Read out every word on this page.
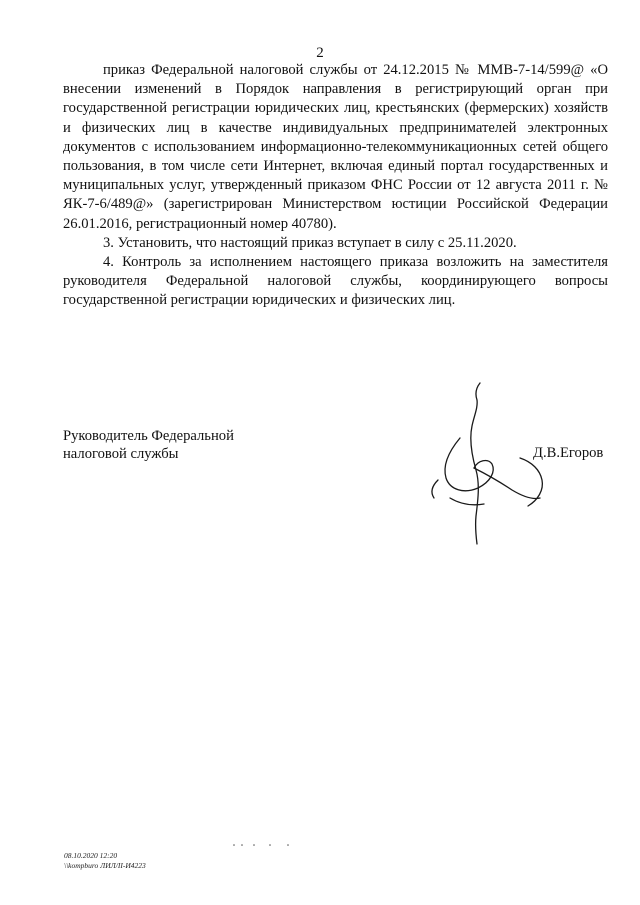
2

приказ Федеральной налоговой службы от 24.12.2015 № ММВ-7-14/599@ «О внесении изменений в Порядок направления в регистрирующий орган при государственной регистрации юридических лиц, крестьянских (фермерских) хозяйств и физических лиц в качестве индивидуальных предпринимателей электронных документов с использованием информационно-телекоммуникационных сетей общего пользования, в том числе сети Интернет, включая единый портал государственных и муниципальных услуг, утвержденный приказом ФНС России от 12 августа 2011 г. № ЯК-7-6/489@» (зарегистрирован Министерством юстиции Российской Федерации 26.01.2016, регистрационный номер 40780).

3. Установить, что настоящий приказ вступает в силу с 25.11.2020.

4. Контроль за исполнением настоящего приказа возложить на заместителя руководителя Федеральной налоговой службы, координирующего вопросы государственной регистрации юридических и физических лиц.

Руководитель Федеральной
налоговой службы	Д.В.Егоров
08.10.2020 12:20
\\kompburo ЛИЛ/II-И4223
